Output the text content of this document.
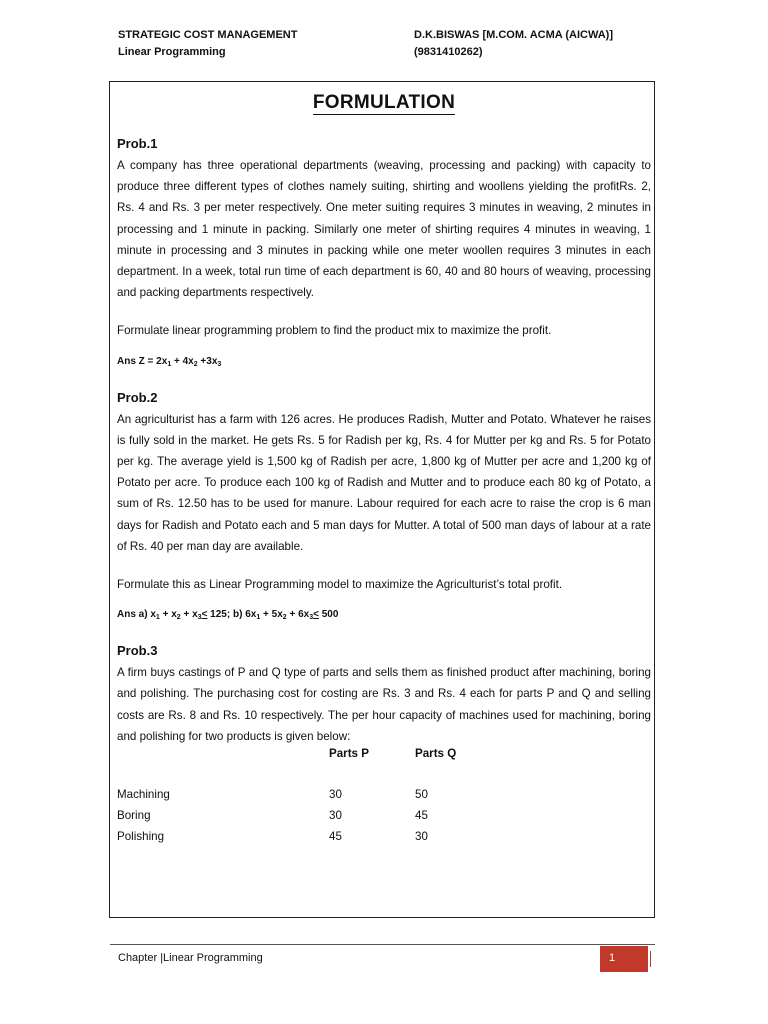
STRATEGIC COST MANAGEMENT
Linear Programming
D.K.BISWAS [M.COM. ACMA (AICWA)]
(9831410262)
FORMULATION
Prob.1

A company has three operational departments (weaving, processing and packing) with capacity to produce three different types of clothes namely suiting, shirting and woollens yielding the profitRs. 2, Rs. 4 and Rs. 3 per meter respectively. One meter suiting requires 3 minutes in weaving, 2 minutes in processing and 1 minute in packing. Similarly one meter of shirting requires 4 minutes in weaving, 1 minute in processing and 3 minutes in packing while one meter woollen requires 3 minutes in each department. In a week, total run time of each department is 60, 40 and 80 hours of weaving, processing and packing departments respectively.

Formulate linear programming problem to find the product mix to maximize the profit.

Ans $Z = 2x_1 + 4x_2 +3x_3$

Prob.2

An agriculturist has a farm with 126 acres. He produces Radish, Mutter and Potato. Whatever he raises is fully sold in the market. He gets Rs. 5 for Radish per kg, Rs. 4 for Mutter per kg and Rs. 5 for Potato per kg. The average yield is 1,500 kg of Radish per acre, 1,800 kg of Mutter per acre and 1,200 kg of Potato per acre. To produce each 100 kg of Radish and Mutter and to produce each 80 kg of Potato, a sum of Rs. 12.50 has to be used for manure. Labour required for each acre to raise the crop is 6 man days for Radish and Potato each and 5 man days for Mutter. A total of 500 man days of labour at a rate of Rs. 40 per man day are available.

Formulate this as Linear Programming model to maximize the Agriculturist’s total profit.

Ans a) $x_1 + x_2 + x_3< 125$; b) $6x_1 + 5x_2 + 6x_3< 500$

Prob.3

A firm buys castings of P and Q type of parts and sells them as finished product after machining, boring and polishing. The purchasing cost for costing are Rs. 3 and Rs. 4 each for parts P and Q and selling costs are Rs. 8 and Rs. 10 respectively. The per hour capacity of machines used for machining, boring and polishing for two products is given below:

	Parts P	Parts Q

Machining	30	50
Boring	30	45
Polishing	45	30
Chapter |Linear Programming	1
